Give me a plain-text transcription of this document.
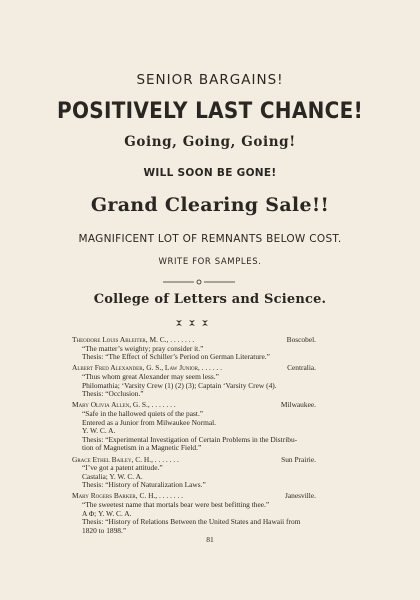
SENIOR BARGAINS!
POSITIVELY LAST CHANCE!
Going, Going, Going!
WILL SOON BE GONE!
Grand Clearing Sale!!
MAGNIFICENT LOT OF REMNANTS BELOW COST.
WRITE FOR SAMPLES.
College of Letters and Science.
Theodore Louis Ableiter, M. C., . . . . . . .	Boscobel.
“The matter’s weighty; pray consider it.”
Thesis: “The Effect of Schiller’s Period on German Literature.”
Albert Fred Alexander, G. S., Law Junior, . . . . . .	Centralia.
“Thus whom great Alexander may seem less.”
Philomathia; ‘Varsity Crew (1) (2) (3); Captain ‘Varsity Crew (4).
Thesis: “Occlusion.”
Mary Olivia Allen, G. S., . . . . . . .	Milwaukee.
“Safe in the hallowed quiets of the past.”
Entered as a Junior from Milwaukee Normal.
Y. W. C. A.
Thesis: “Experimental Investigation of Certain Problems in the Distribu-
tion of Magnetism in a Magnetic Field.”
Grace Ethel Bailey, C. H., . . . . . . .	Sun Prairie.
“I’ve got a patent attitude.”
Castalia; Y. W. C. A.
Thesis: “History of Naturalization Laws.”
Mary Rogers Barker, C. H., . . . . . . .	Janesville.
“The sweetest name that mortals bear were best befitting thee.”
A Φ; Y. W. C. A.
Thesis: “History of Relations Between the United States and Hawaii from
1820 to 1898.”
81
